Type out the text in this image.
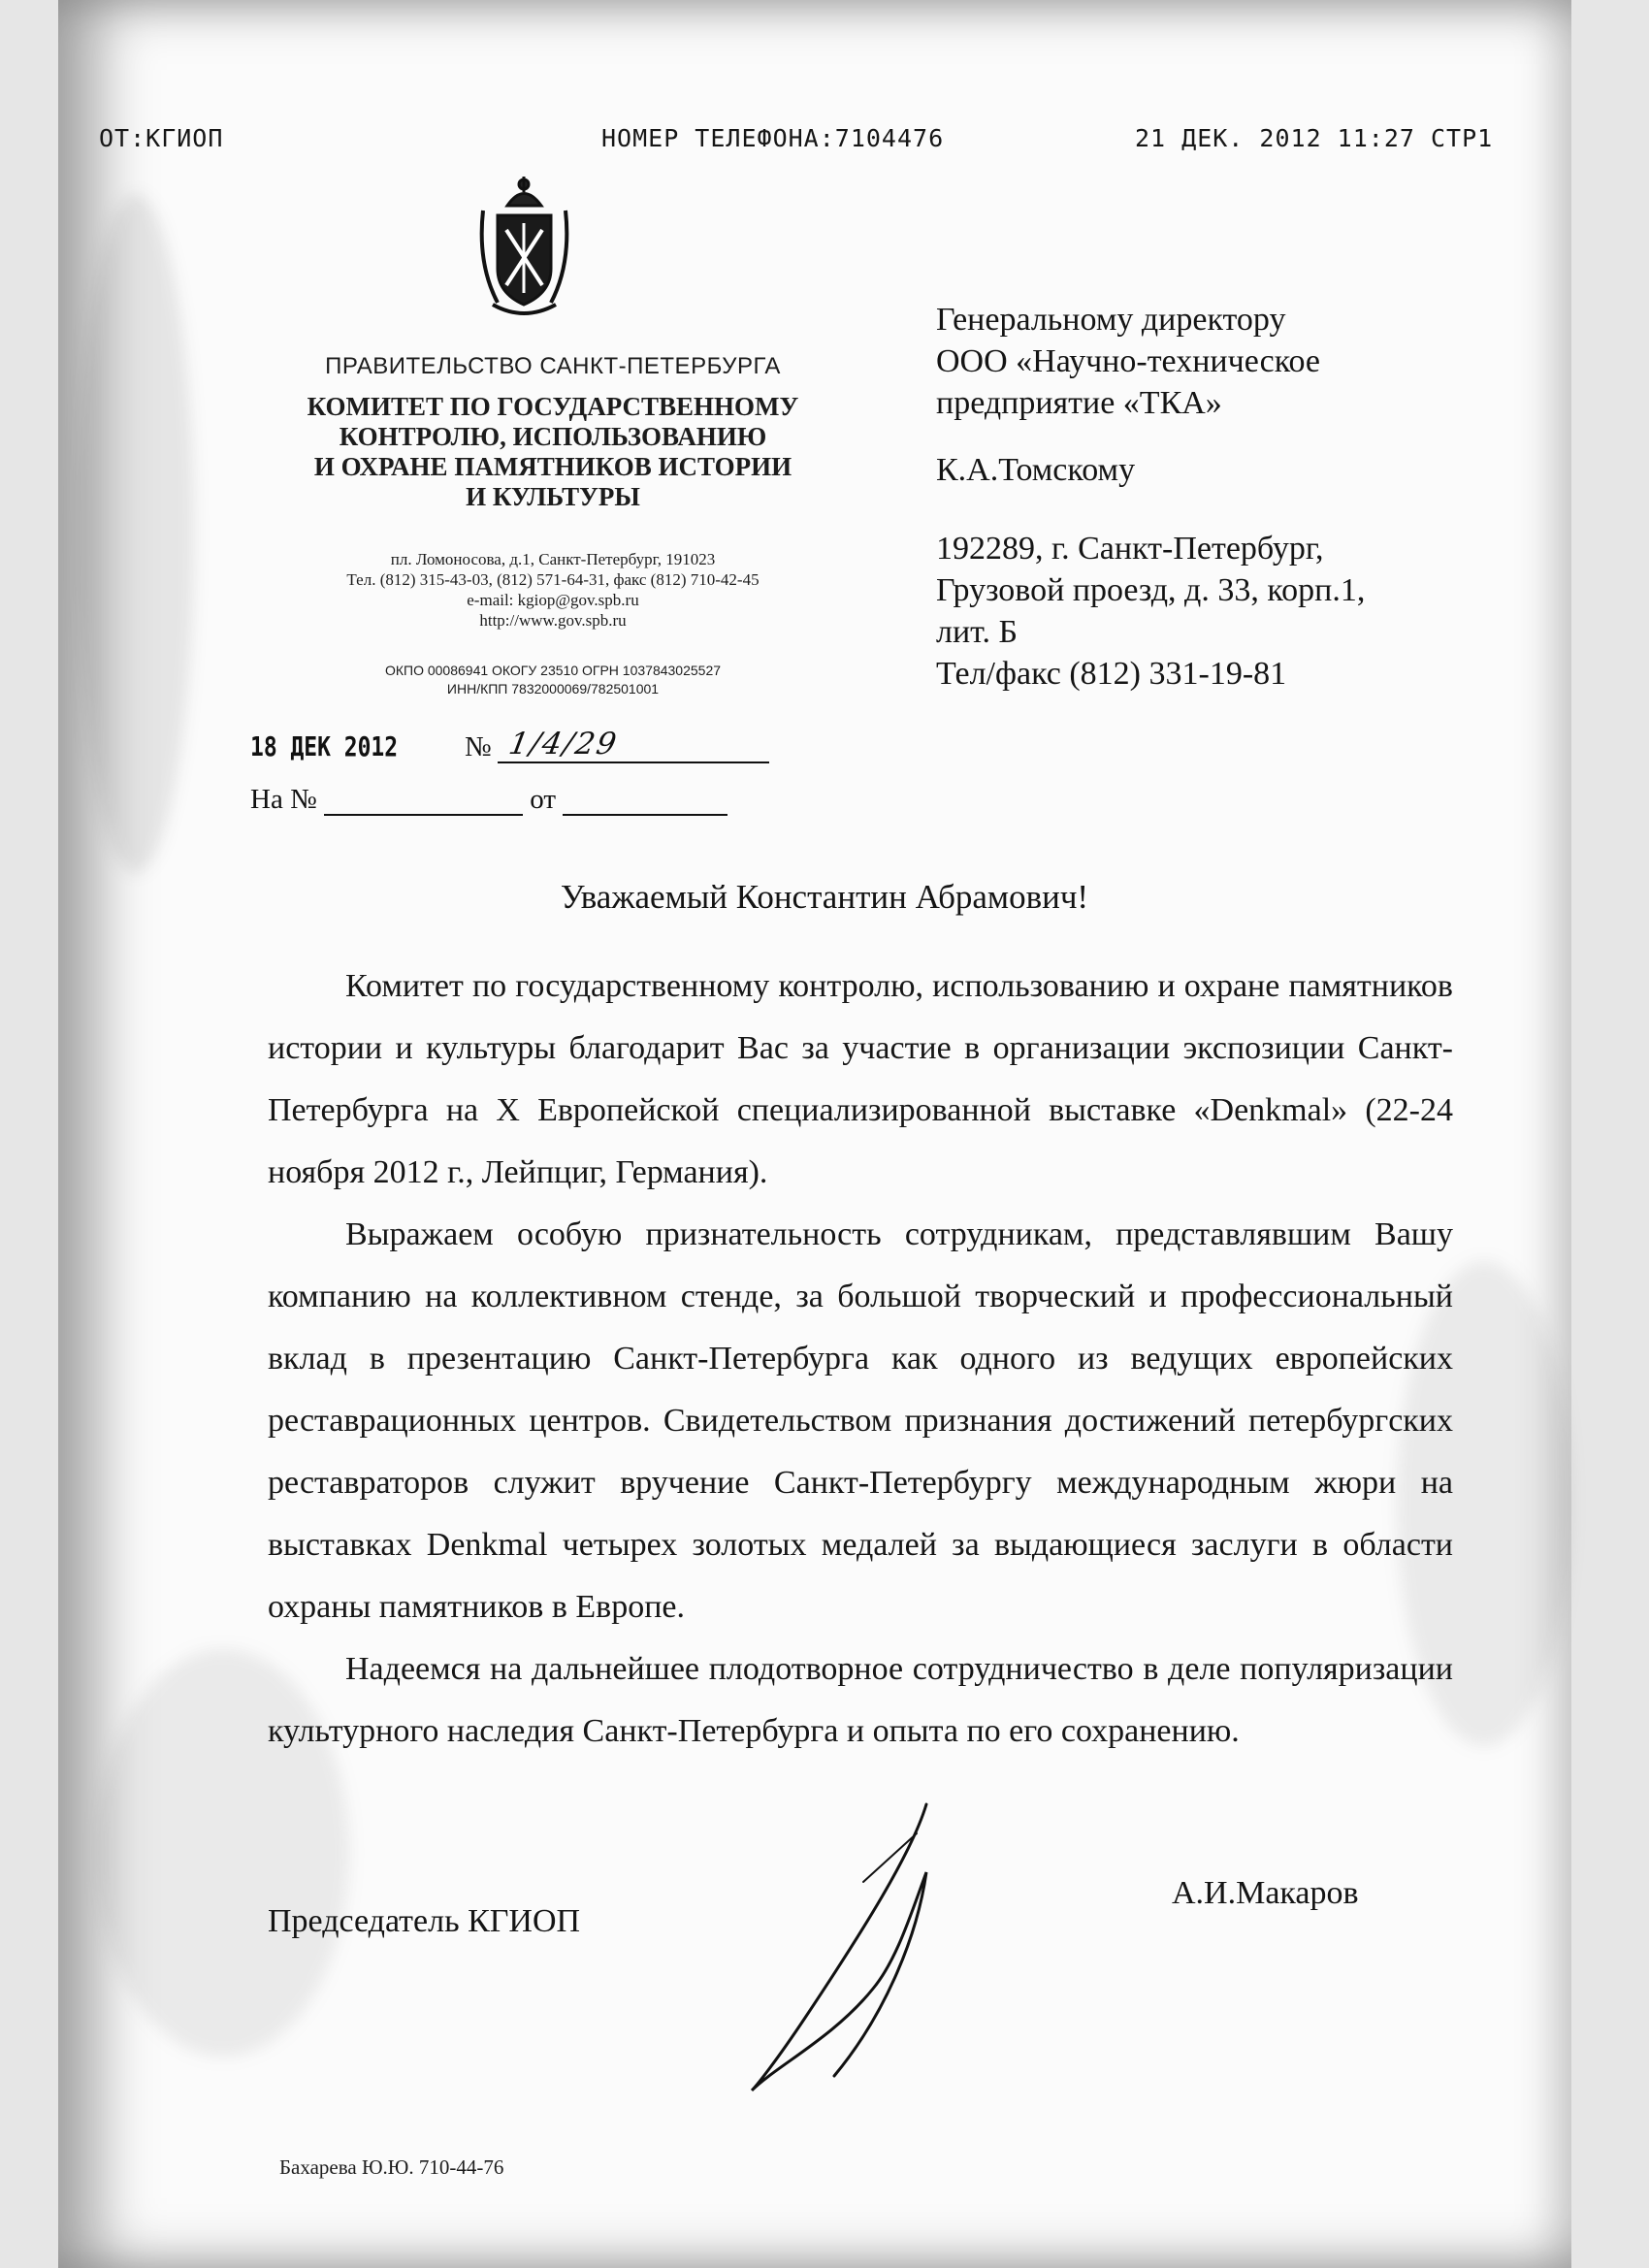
ОТ:КГИОП	НОМЕР ТЕЛЕФОНА:7104476	21 ДЕК. 2012 11:27 СТР1
ПРАВИТЕЛЬСТВО САНКТ-ПЕТЕРБУРГА
КОМИТЕТ ПО ГОСУДАРСТВЕННОМУ
КОНТРОЛЮ, ИСПОЛЬЗОВАНИЮ
И ОХРАНЕ ПАМЯТНИКОВ ИСТОРИИ
И КУЛЬТУРЫ
пл. Ломоносова, д.1, Санкт-Петербург, 191023
Тел. (812) 315-43-03, (812) 571-64-31, факс (812) 710-42-45
e-mail: kgiop@gov.spb.ru
http://www.gov.spb.ru
ОКПО 00086941 ОКОГУ 23510 ОГРН 1037843025527
ИНН/КПП 7832000069/782501001
18 ДЕК 2012 № 1/4/29
На №	от
Генеральному директору
ООО «Научно-техническое
предприятие «ТКА»
К.А.Томскому
192289, г. Санкт-Петербург,
Грузовой проезд, д. 33, корп.1,
лит. Б
Тел/факс (812) 331-19-81
Уважаемый Константин Абрамович!

Комитет по государственному контролю, использованию и охране памятников истории и культуры благодарит Вас за участие в организации экспозиции Санкт-Петербурга на X Европейской специализированной выставке «Denkmal» (22-24 ноября 2012 г., Лейпциг, Германия).

Выражаем особую признательность сотрудникам, представлявшим Вашу компанию на коллективном стенде, за большой творческий и профессиональный вклад в презентацию Санкт-Петербурга как одного из ведущих европейских реставрационных центров. Свидетельством признания достижений петербургских реставраторов служит вручение Санкт-Петербургу международным жюри на выставках Denkmal четырех золотых медалей за выдающиеся заслуги в области охраны памятников в Европе.

Надеемся на дальнейшее плодотворное сотрудничество в деле популяризации культурного наследия Санкт-Петербурга и опыта по его сохранению.

Председатель КГИОП
А.И.Макаров
Бахарева Ю.Ю. 710-44-76
